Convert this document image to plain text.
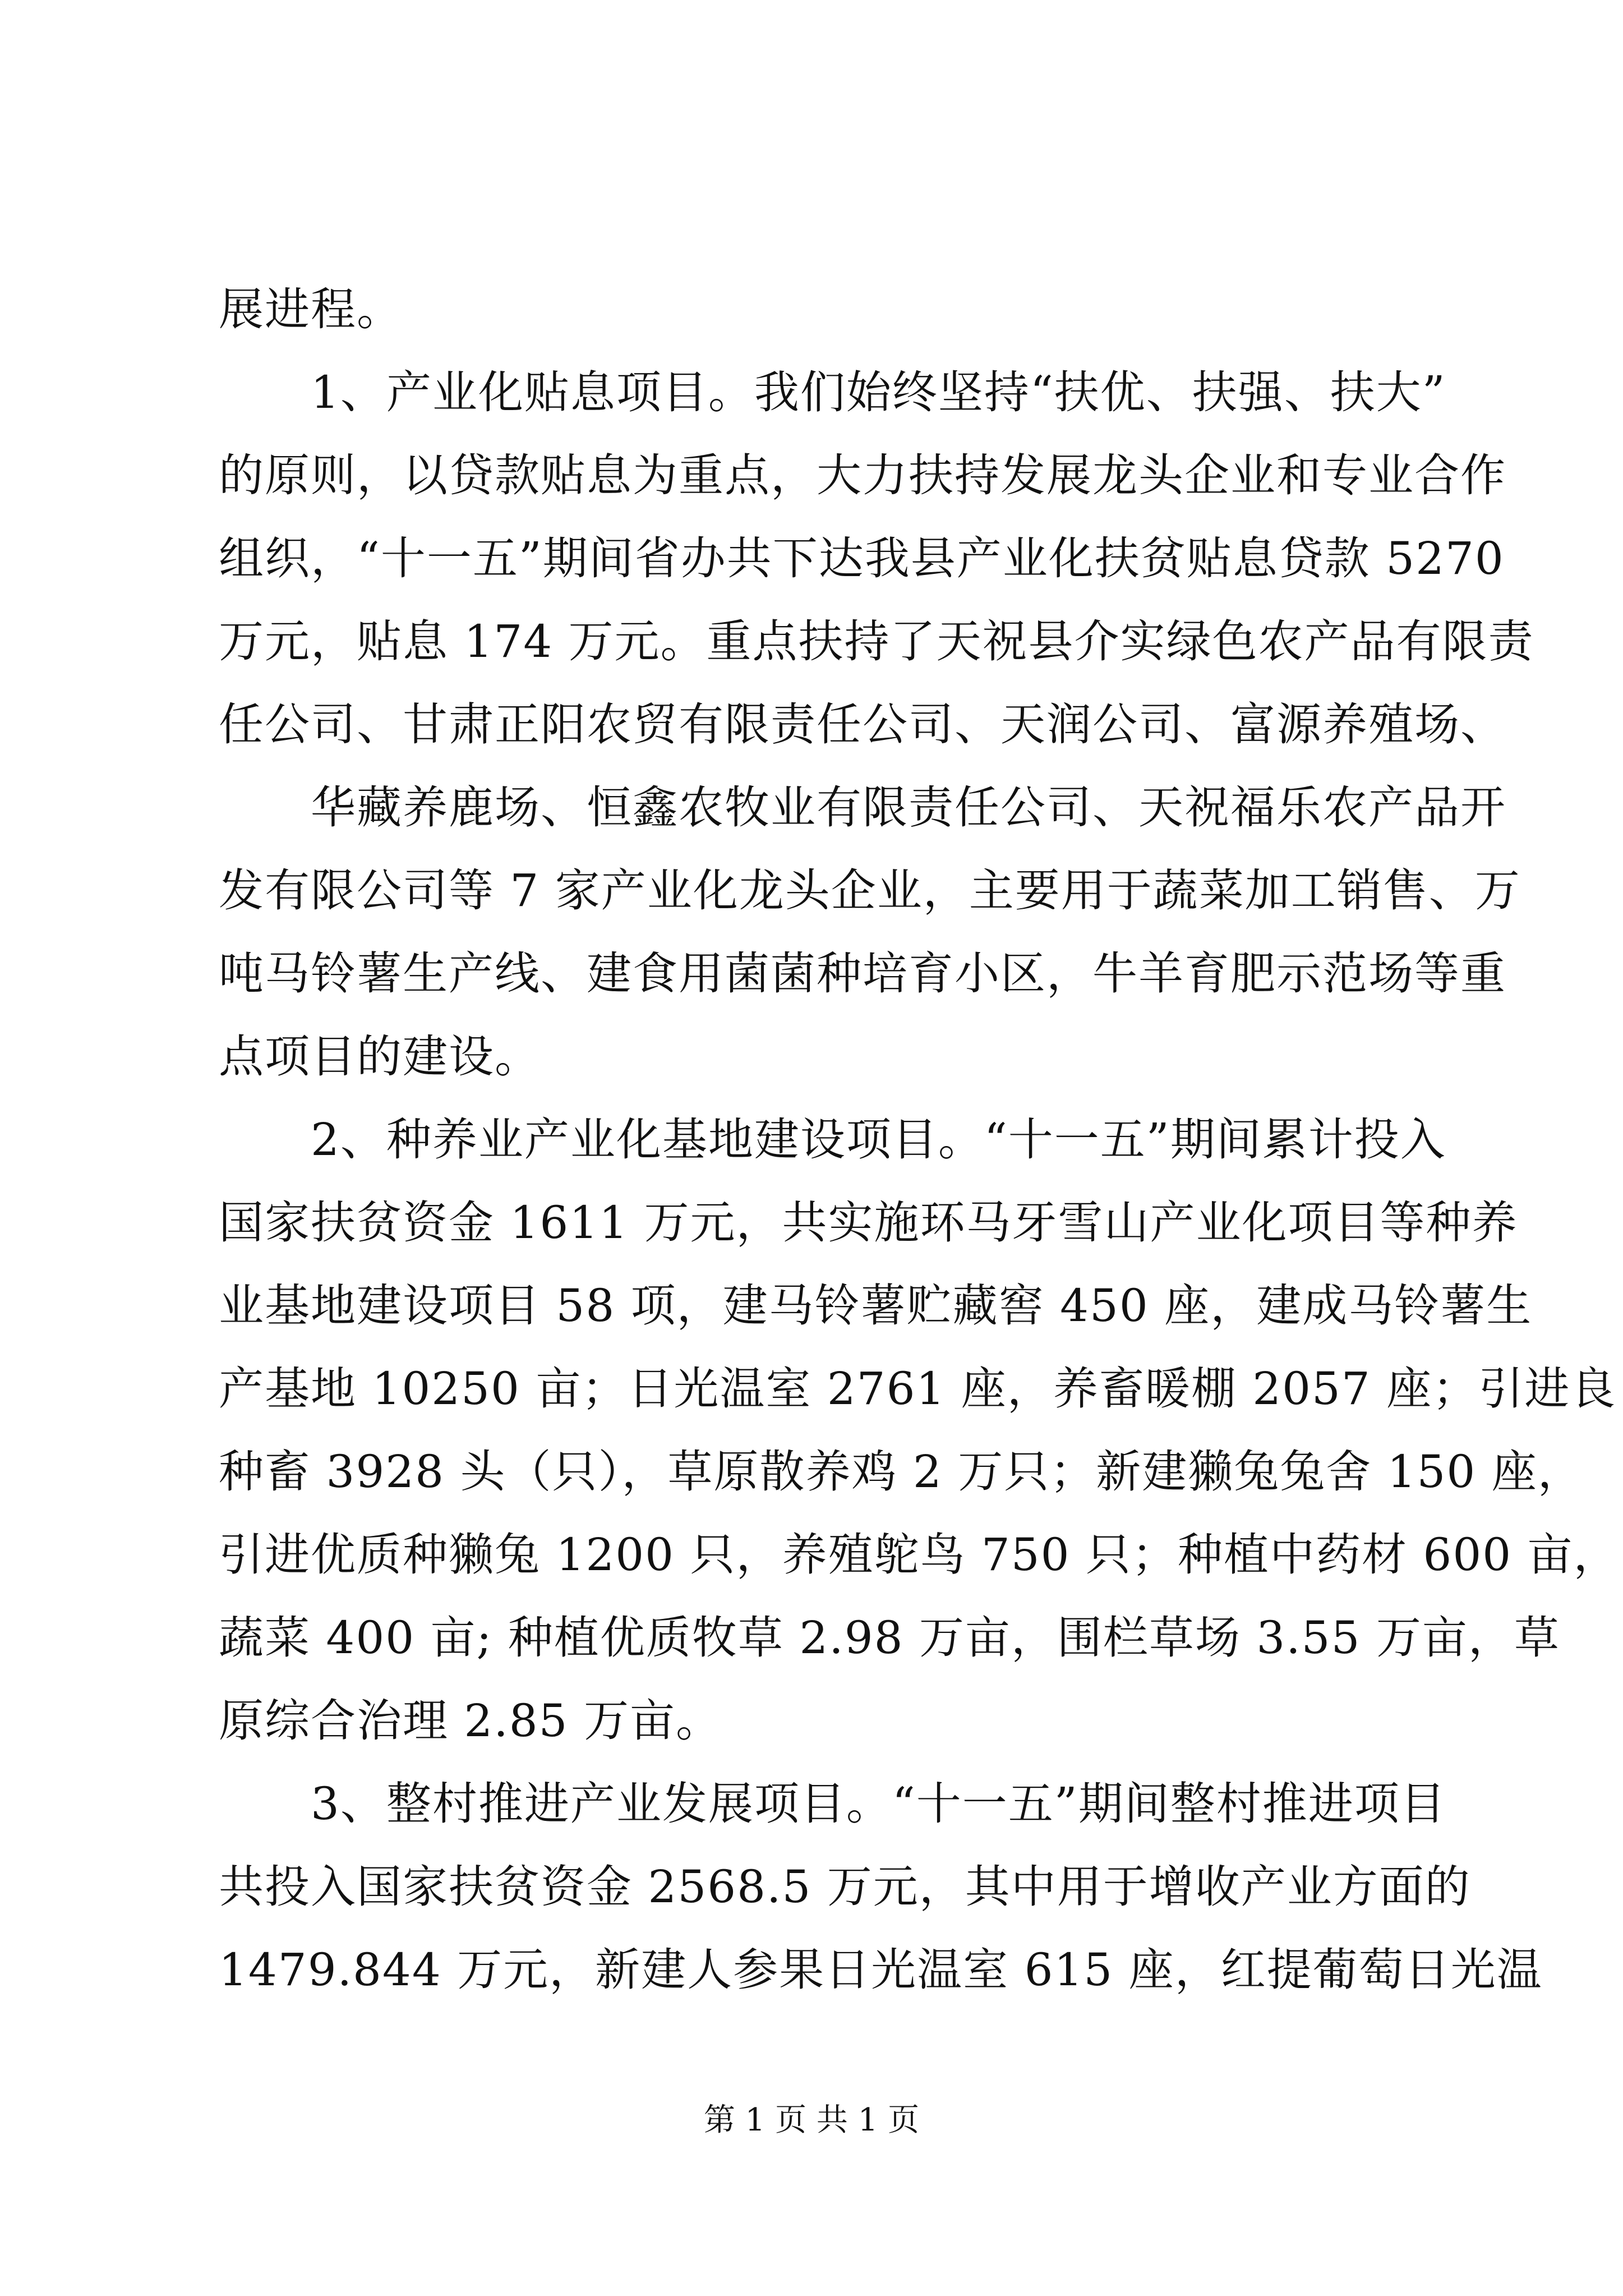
展进程。
　　1、产业化贴息项目。我们始终坚持“扶优、扶强、扶大”
的原则，以贷款贴息为重点，大力扶持发展龙头企业和专业合作
组织，“十一五”期间省办共下达我县产业化扶贫贴息贷款 5270
万元，贴息 174 万元。重点扶持了天祝县介实绿色农产品有限责
任公司、甘肃正阳农贸有限责任公司、天润公司、富源养殖场、
　　华藏养鹿场、恒鑫农牧业有限责任公司、天祝福乐农产品开
发有限公司等 7 家产业化龙头企业，主要用于蔬菜加工销售、万
吨马铃薯生产线、建食用菌菌种培育小区，牛羊育肥示范场等重
点项目的建设。
　　2、种养业产业化基地建设项目。“十一五”期间累计投入
国家扶贫资金 1611 万元，共实施环马牙雪山产业化项目等种养
业基地建设项目 58 项，建马铃薯贮藏窖 450 座，建成马铃薯生
产基地 10250 亩；日光温室 2761 座，养畜暖棚 2057 座；引进良
种畜 3928 头（只），草原散养鸡 2 万只；新建獭兔兔舍 150 座，
引进优质种獭兔 1200 只，养殖鸵鸟 750 只；种植中药材 600 亩，
蔬菜 400 亩; 种植优质牧草 2.98 万亩，围栏草场 3.55 万亩，草
原综合治理 2.85 万亩。
　　3、整村推进产业发展项目。“十一五”期间整村推进项目
共投入国家扶贫资金 2568.5 万元，其中用于增收产业方面的
1479.844 万元，新建人参果日光温室 615 座，红提葡萄日光温
第 1 页 共 1 页
